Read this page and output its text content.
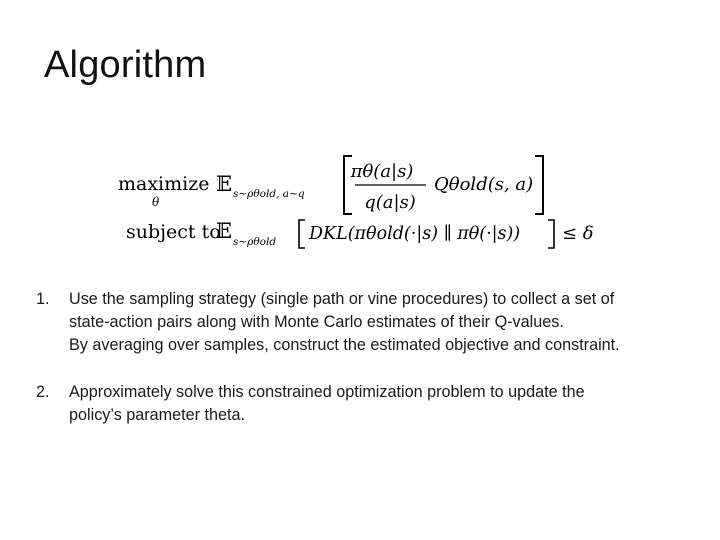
Algorithm
maximize
θ
𝔼 s∼ρθold, a∼q
πθ(a|s)
q(a|s)
Qθold(s, a)
subject to
𝔼 s∼ρθold DKL(πθold(·|s) ∥ πθ(·|s)) ≤ δ
1. Use the sampling strategy (single path or vine procedures) to collect a set of
state-action pairs along with Monte Carlo estimates of their Q-values.
By averaging over samples, construct the estimated objective and constraint.
2. Approximately solve this constrained optimization problem to update the
policy’s parameter theta.
